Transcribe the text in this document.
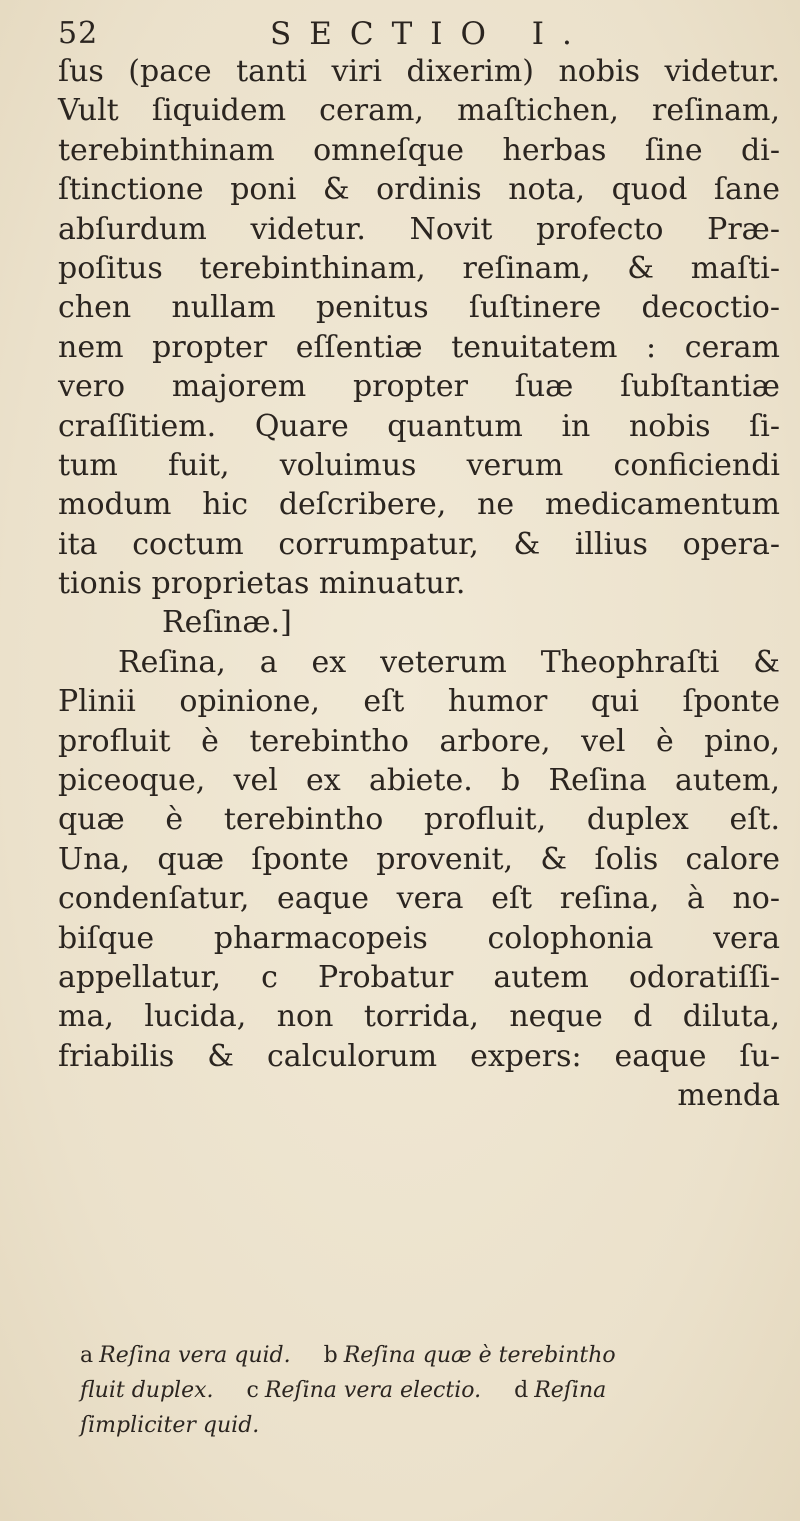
52	SECTIO I.
ſus (pace tanti viri dixerim) nobis videtur.
Vult ſiquidem ceram, maſtichen, reſinam,
terebinthinam omneſque herbas ſine di-
ſtinctione poni & ordinis nota, quod ſane
abſurdum videtur. Novit profecto Præ-
poſitus terebinthinam, reſinam, & maſti-
chen nullam penitus ſuſtinere decoctio-
nem propter eſſentiæ tenuitatem : ceram
vero majorem propter ſuæ ſubſtantiæ
craſſitiem. Quare quantum in nobis ſi-
tum fuit, voluimus verum conficiendi
modum hic deſcribere, ne medicamentum
ita coctum corrumpatur, & illius opera-
tionis proprietas minuatur.
Reſinæ.]
Reſina, a ex veterum Theophraſti &
Plinii opinione, eſt humor qui ſponte
profluit è terebintho arbore, vel è pino,
piceoque, vel ex abiete. b Reſina autem,
quæ è terebintho profluit, duplex eſt.
Una, quæ ſponte provenit, & ſolis calore
condenſatur, eaque vera eſt reſina, à no-
biſque pharmacopeis colophonia vera
appellatur, c Probatur autem odoratiſſi-
ma, lucida, non torrida, neque d diluta,
friabilis & calculorum expers: eaque ſu-
menda
a Reſina vera quid. b Reſina quæ è terebintho
fluit duplex. c Reſina vera electio. d Reſina
ſimpliciter quid.
